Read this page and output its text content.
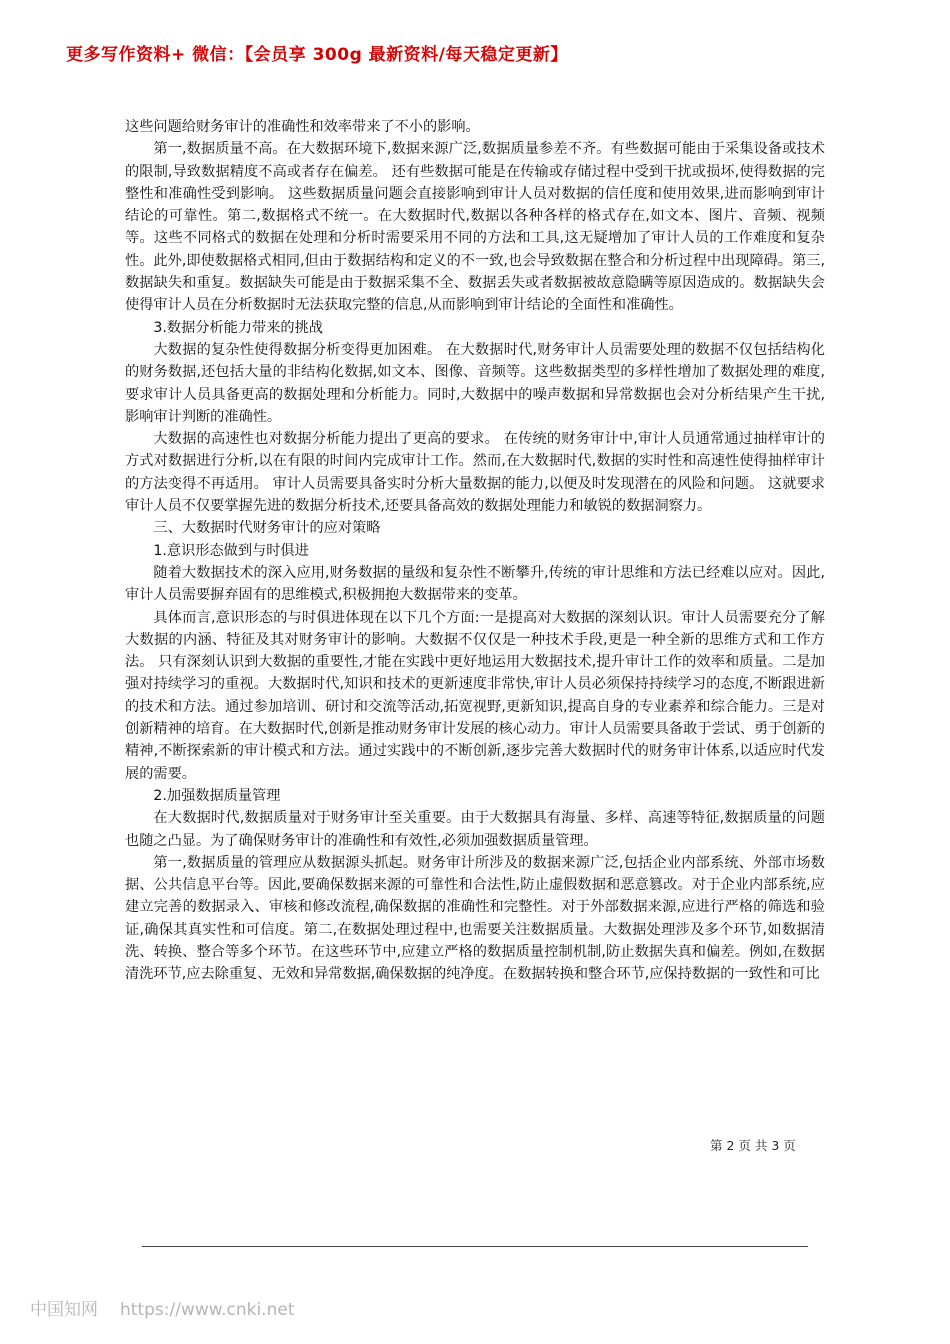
更多写作资料+ 微信：【会员享 300g 最新资料/每天稳定更新】

这些问题给财务审计的准确性和效率带来了不小的影响。

第一,数据质量不高。在大数据环境下,数据来源广泛,数据质量参差不齐。有些数据可能由于采集设备或技术的限制,导致数据精度不高或者存在偏差。 还有些数据可能是在传输或存储过程中受到干扰或损坏,使得数据的完整性和准确性受到影响。 这些数据质量问题会直接影响到审计人员对数据的信任度和使用效果,进而影响到审计结论的可靠性。第二,数据格式不统一。在大数据时代,数据以各种各样的格式存在,如文本、图片、音频、视频等。这些不同格式的数据在处理和分析时需要采用不同的方法和工具,这无疑增加了审计人员的工作难度和复杂性。此外,即使数据格式相同,但由于数据结构和定义的不一致,也会导致数据在整合和分析过程中出现障碍。第三,数据缺失和重复。数据缺失可能是由于数据采集不全、数据丢失或者数据被故意隐瞒等原因造成的。数据缺失会使得审计人员在分析数据时无法获取完整的信息,从而影响到审计结论的全面性和准确性。

3.数据分析能力带来的挑战

大数据的复杂性使得数据分析变得更加困难。 在大数据时代,财务审计人员需要处理的数据不仅包括结构化的财务数据,还包括大量的非结构化数据,如文本、图像、音频等。这些数据类型的多样性增加了数据处理的难度,要求审计人员具备更高的数据处理和分析能力。同时,大数据中的噪声数据和异常数据也会对分析结果产生干扰,影响审计判断的准确性。

大数据的高速性也对数据分析能力提出了更高的要求。 在传统的财务审计中,审计人员通常通过抽样审计的方式对数据进行分析,以在有限的时间内完成审计工作。然而,在大数据时代,数据的实时性和高速性使得抽样审计的方法变得不再适用。 审计人员需要具备实时分析大量数据的能力,以便及时发现潜在的风险和问题。 这就要求审计人员不仅要掌握先进的数据分析技术,还要具备高效的数据处理能力和敏锐的数据洞察力。

三、大数据时代财务审计的应对策略

1.意识形态做到与时俱进

随着大数据技术的深入应用,财务数据的量级和复杂性不断攀升,传统的审计思维和方法已经难以应对。因此,审计人员需要摒弃固有的思维模式,积极拥抱大数据带来的变革。

具体而言,意识形态的与时俱进体现在以下几个方面:一是提高对大数据的深刻认识。审计人员需要充分了解大数据的内涵、特征及其对财务审计的影响。大数据不仅仅是一种技术手段,更是一种全新的思维方式和工作方法。 只有深刻认识到大数据的重要性,才能在实践中更好地运用大数据技术,提升审计工作的效率和质量。二是加强对持续学习的重视。大数据时代,知识和技术的更新速度非常快,审计人员必须保持持续学习的态度,不断跟进新的技术和方法。通过参加培训、研讨和交流等活动,拓宽视野,更新知识,提高自身的专业素养和综合能力。三是对创新精神的培育。在大数据时代,创新是推动财务审计发展的核心动力。审计人员需要具备敢于尝试、勇于创新的精神,不断探索新的审计模式和方法。通过实践中的不断创新,逐步完善大数据时代的财务审计体系,以适应时代发展的需要。

2.加强数据质量管理

在大数据时代,数据质量对于财务审计至关重要。由于大数据具有海量、多样、高速等特征,数据质量的问题也随之凸显。为了确保财务审计的准确性和有效性,必须加强数据质量管理。

第一,数据质量的管理应从数据源头抓起。财务审计所涉及的数据来源广泛,包括企业内部系统、外部市场数据、公共信息平台等。因此,要确保数据来源的可靠性和合法性,防止虚假数据和恶意篡改。对于企业内部系统,应建立完善的数据录入、审核和修改流程,确保数据的准确性和完整性。对于外部数据来源,应进行严格的筛选和验证,确保其真实性和可信度。第二,在数据处理过程中,也需要关注数据质量。大数据处理涉及多个环节,如数据清洗、转换、整合等多个环节。在这些环节中,应建立严格的数据质量控制机制,防止数据失真和偏差。例如,在数据清洗环节,应去除重复、无效和异常数据,确保数据的纯净度。在数据转换和整合环节,应保持数据的一致性和可比

第 2 页 共 3 页
中国知网 https://www.cnki.net
